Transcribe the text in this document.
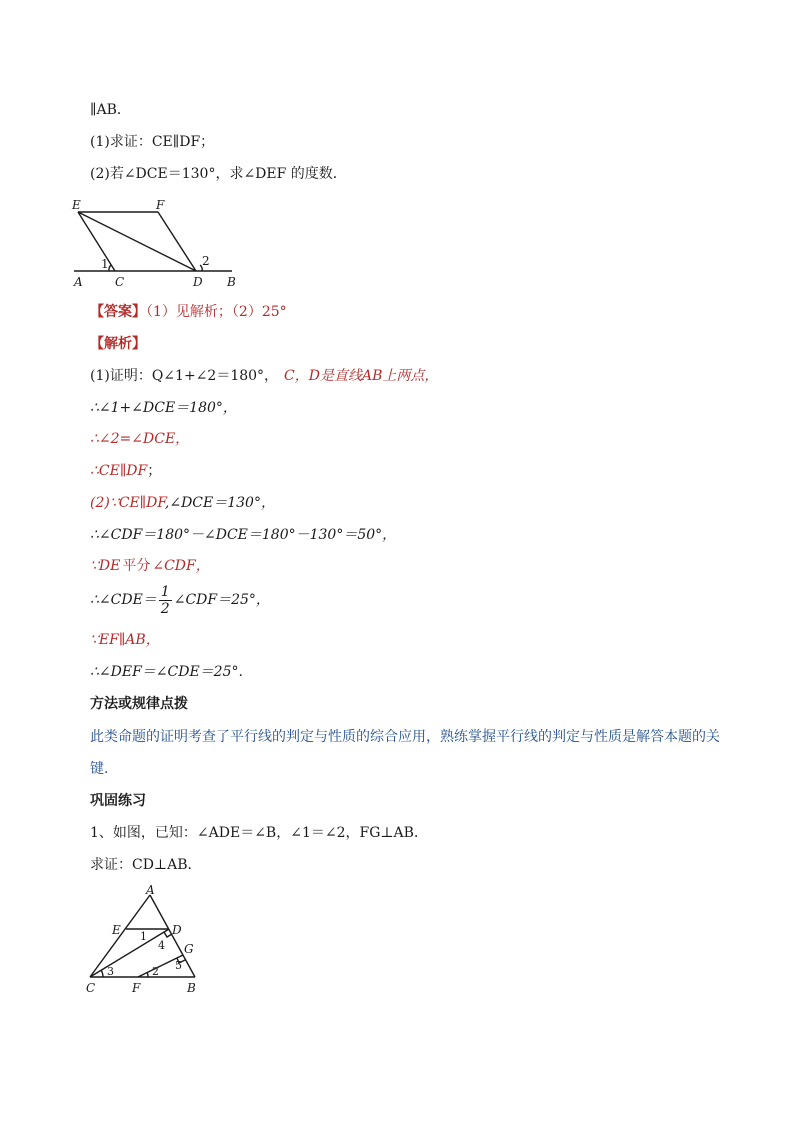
∥AB．
(1)求证：CE∥DF；
(2)若∠DCE＝130°，求∠DEF 的度数．
E	F
A	C	D B
1	2
【答案】（1）见解析；（2）25°
【解析】
(1)证明：Q∠1+∠2＝180°， C，D是直线AB上两点，
∴∠1+∠DCE＝180°，
∴∠2=∠DCE，
∴CE∥DF；
(2)∵CE∥DF,∠DCE＝130°，
∴∠CDF＝180°－∠DCE＝180°－130°＝50°，
∵DE 平分 ∠CDF，
∴∠CDE＝ $\frac{1}{2}$ ∠CDF＝25°，
∵EF∥AB，
∴∠DEF＝∠CDE＝25°.
方法或规律点拨
此类命题的证明考查了平行线的判定与性质的综合应用，熟练掌握平行线的判定与性质是解答本题的关
键．
巩固练习
1、如图，已知：∠ADE＝∠B，∠1＝∠2，FG⊥AB．
求证：CD⊥AB．
A
E	D
G
C	F	B
1
4
5
3	2
